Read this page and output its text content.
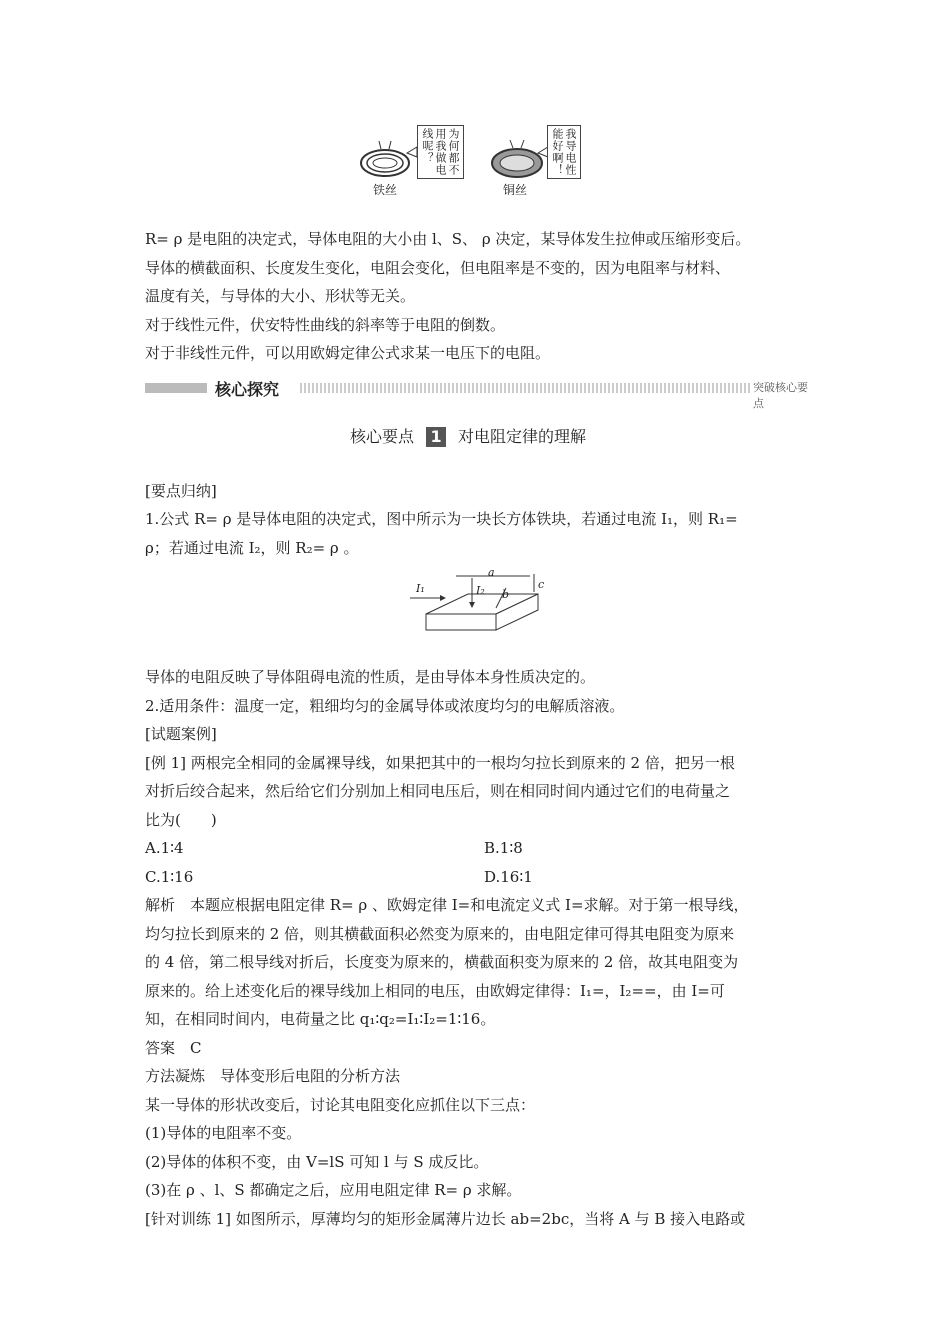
为何都不用我做电线呢？	我导电性能好啊！
铁丝	铜丝
R= ρ 是电阻的决定式，导体电阻的大小由 l、S、 ρ 决定，某导体发生拉伸或压缩形变后。
导体的横截面积、长度发生变化，电阻会变化，但电阻率是不变的，因为电阻率与材料、
温度有关，与导体的大小、形状等无关。
对于线性元件，伏安特性曲线的斜率等于电阻的倒数。
对于非线性元件，可以用欧姆定律公式求某一电压下的电阻。
核心探究	突破核心要点
核心要点 1 对电阻定律的理解
[要点归纳]
1.公式 R= ρ 是导体电阻的决定式，图中所示为一块长方体铁块，若通过电流 I₁，则 R₁=
ρ；若通过电流 I₂，则 R₂= ρ 。
I₁	I₂
a
b
c
导体的电阻反映了导体阻碍电流的性质，是由导体本身性质决定的。
2.适用条件：温度一定，粗细均匀的金属导体或浓度均匀的电解质溶液。
[试题案例]
[例 1] 两根完全相同的金属裸导线，如果把其中的一根均匀拉长到原来的 2 倍，把另一根
对折后绞合起来，然后给它们分别加上相同电压后，则在相同时间内通过它们的电荷量之
比为(　　)
A.1∶4	B.1∶8
C.1∶16	D.16∶1
解析　本题应根据电阻定律 R= ρ 、欧姆定律 I=和电流定义式 I=求解。对于第一根导线，
均匀拉长到原来的 2 倍，则其横截面积必然变为原来的，由电阻定律可得其电阻变为原来
的 4 倍，第二根导线对折后，长度变为原来的，横截面积变为原来的 2 倍，故其电阻变为
原来的。给上述变化后的裸导线加上相同的电压，由欧姆定律得：I₁=，I₂==，由 I=可
知，在相同时间内，电荷量之比 q₁∶q₂=I₁∶I₂=1∶16。
答案　C
方法凝炼　导体变形后电阻的分析方法
某一导体的形状改变后，讨论其电阻变化应抓住以下三点：
(1)导体的电阻率不变。
(2)导体的体积不变，由 V=lS 可知 l 与 S 成反比。
(3)在 ρ 、l、S 都确定之后，应用电阻定律 R= ρ 求解。
[针对训练 1] 如图所示，厚薄均匀的矩形金属薄片边长 ab=2bc，当将 A 与 B 接入电路或
